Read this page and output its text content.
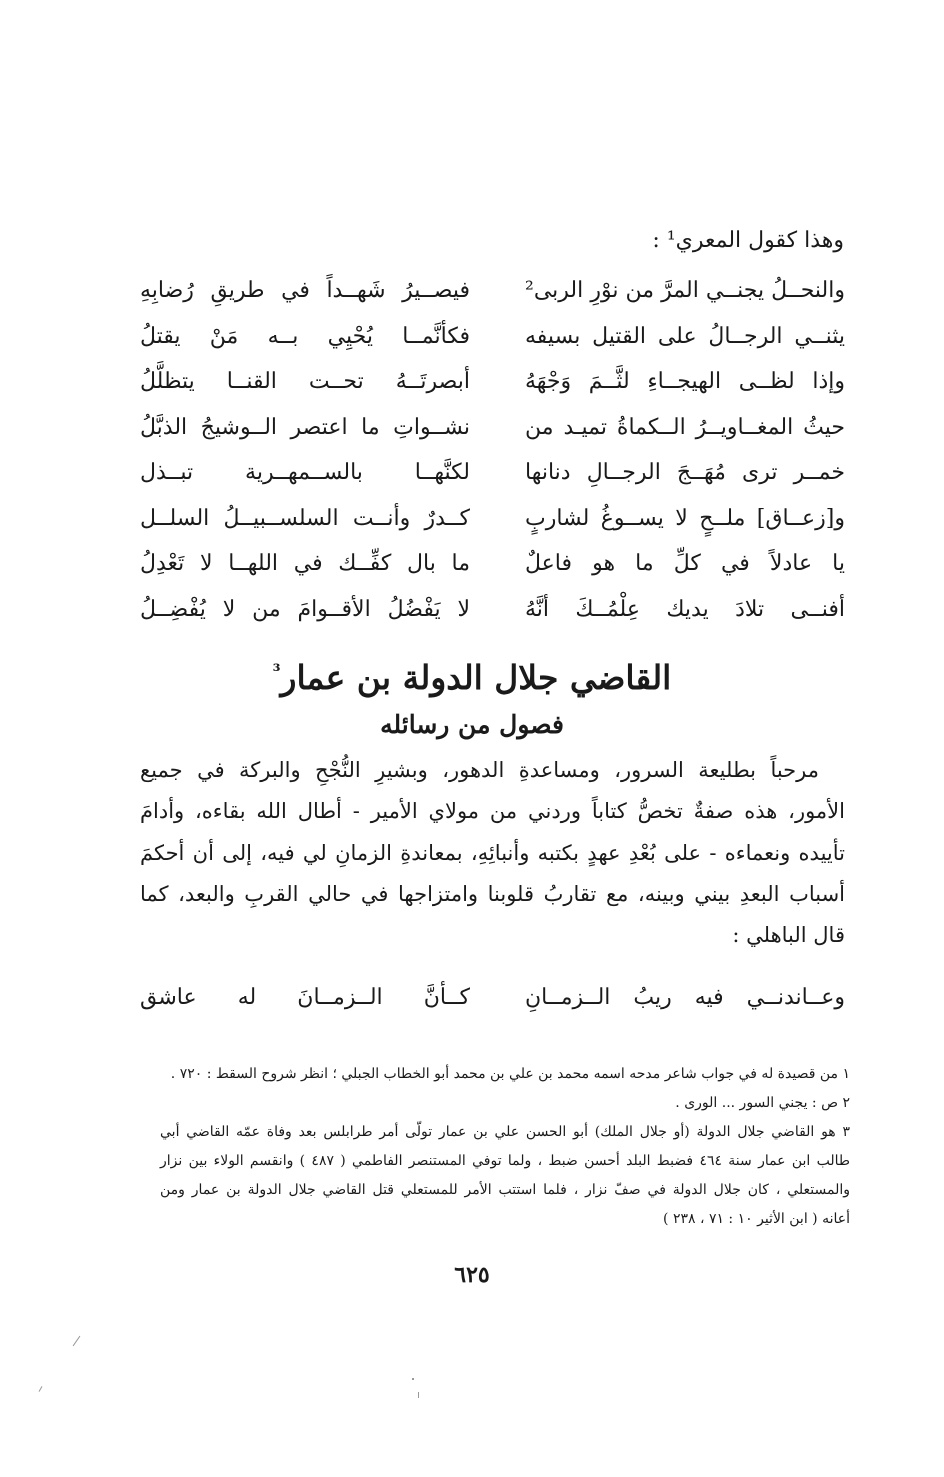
وهذا كقول المعري¹ :
والنحــلُ يجنــي المرَّ من نوْرِ الربى²
فيصــيرُ شَهــداً في طريقِ رُضابِهِ
يثنــي الرجــالُ على القتيل بسيفه
فكأنَّمــا يُحْيِي بــه مَنْ يقتلُ
وإذا لظــى الهيجــاءِ لثَّــمَ وَجْهَهُ
أبصرتَــهُ تحــت القنــا يتظلَّلُ
حيثُ المغــاويــرُ الــكماةُ تميـد من
نشــواتِ ما اعتصر الــوشيجُ الذبَّلُ
خمــر ترى مُهَــجَ الرجــالِ دنانها
لكنَّهــا بالســمهــرية تبــذل
و[زعــاق] ملــحٍ لا يســوغُ لشاربٍ
كــدرٌ وأنــت السلســبيــلُ السلــل
يا عادلاً في كلِّ ما هو فاعلٌ
ما بال كفِّــك في اللهــا لا تَعْدِلُ
أفنــى تلادَ يديك عِلْمُــكَ أنَّهُ
لا يَفْضُلُ الأقــوامَ من لا يُفْضِــلُ
القاضي جلال الدولة بن عمار$^{^3}$
فصول من رسائله
مرحباً بطليعة السرور، ومساعدةِ الدهور، وبشيرِ النُّجْحِ والبركة في جميع
الأمور، هذه صفةٌ تخصُّ كتاباً وردني من مولاي الأمير - أطال الله بقاءه، وأدامَ
تأييده ونعماءه - على بُعْدِ عهدٍ بكتبه وأنبائِهِ، بمعاندةِ الزمانِ لي فيه، إلى أن أحكمَ
أسباب البعدِ بيني وبينه، مع تقاربُ قلوبنا وامتزاجها في حالي القربِ والبعد، كما
قال الباهلي :
وعــاندنــي فيه ريبُ الــزمــانِ
كــأنَّ الــزمــانَ له عاشق
١ من قصيدة له في جواب شاعر مدحه اسمه محمد بن علي بن محمد أبو الخطاب الجبلي ؛ انظر شروح السقط : ٧٢٠ .
٢ ص : يجني السور ... الورى .
٣ هو القاضي جلال الدولة (أو جلال الملك) أبو الحسن علي بن عمار تولّى أمر طرابلس بعد وفاة عمّه القاضي أبي
طالب ابن عمار سنة ٤٦٤ فضبط البلد أحسن ضبط ، ولما توفي المستنصر الفاطمي ( ٤٨٧ ) وانقسم الولاء بين نزار
والمستعلي ، كان جلال الدولة في صفّ نزار ، فلما استتب الأمر للمستعلي قتل القاضي جلال الدولة بن عمار ومن
أعانه ( ابن الأثير ١٠ : ٧١ ، ٢٣٨ )
٦٢٥
